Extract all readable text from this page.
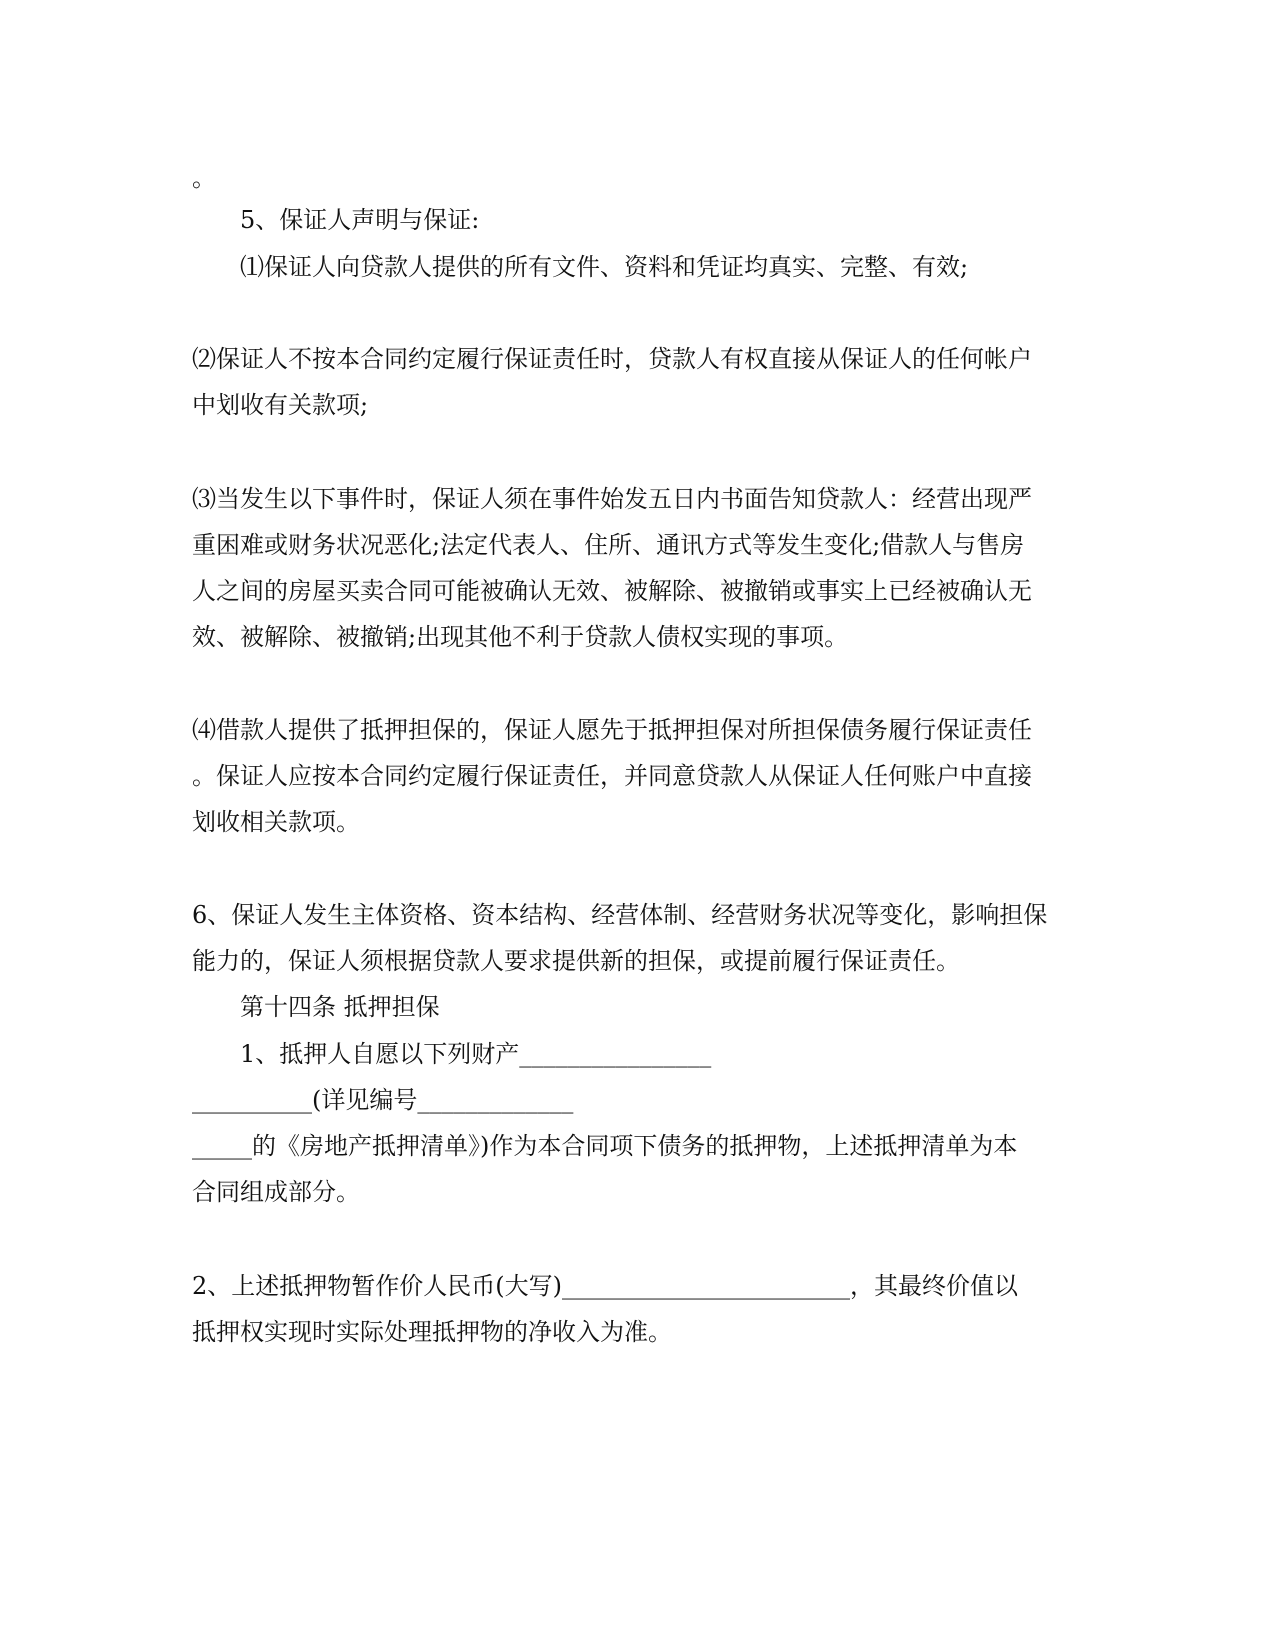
。
5、保证人声明与保证:
⑴保证人向贷款人提供的所有文件、资料和凭证均真实、完整、有效;
⑵保证人不按本合同约定履行保证责任时，贷款人有权直接从保证人的任何帐户
中划收有关款项;
⑶当发生以下事件时，保证人须在事件始发五日内书面告知贷款人：经营出现严
重困难或财务状况恶化;法定代表人、住所、通讯方式等发生变化;借款人与售房
人之间的房屋买卖合同可能被确认无效、被解除、被撤销或事实上已经被确认无
效、被解除、被撤销;出现其他不利于贷款人债权实现的事项。
⑷借款人提供了抵押担保的，保证人愿先于抵押担保对所担保债务履行保证责任
。保证人应按本合同约定履行保证责任，并同意贷款人从保证人任何账户中直接
划收相关款项。
6、保证人发生主体资格、资本结构、经营体制、经营财务状况等变化，影响担保
能力的，保证人须根据贷款人要求提供新的担保，或提前履行保证责任。
第十四条 抵押担保
1、抵押人自愿以下列财产________________
__________(详见编号_____________
_____的《房地产抵押清单》)作为本合同项下债务的抵押物，上述抵押清单为本
合同组成部分。
2、上述抵押物暂作价人民币(大写)________________________，其最终价值以
抵押权实现时实际处理抵押物的净收入为准。
